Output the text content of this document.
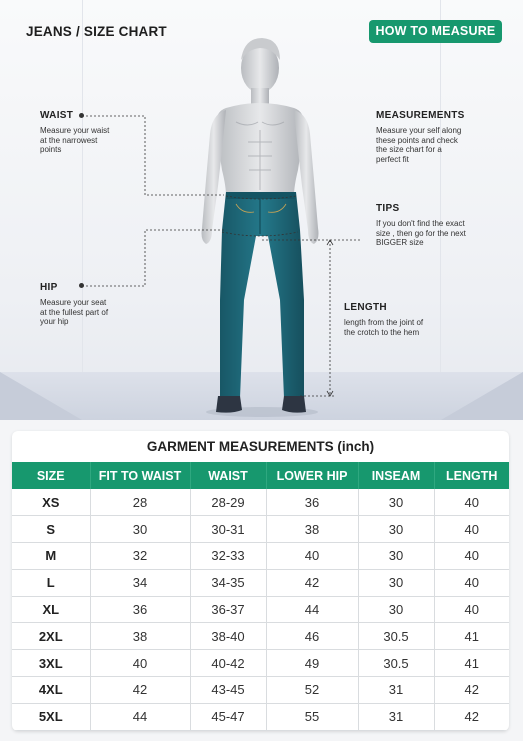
JEANS / SIZE CHART	HOW TO MEASURE
WAIST
Measure your waist
at the narrowest
points
HIP
Measure your seat
at the fullest part of
your hip
MEASUREMENTS
Measure your self along
these points and check
the size chart for a
perfect fit
TIPS
If you don't find the exact
size , then go for the next
BIGGER size
LENGTH
length from the joint of
the crotch to the hem
GARMENT MEASUREMENTS (inch)
SIZE	FIT TO WAIST	WAIST	LOWER HIP	INSEAM	LENGTH
XS	28	28-29	36	30	40
S	30	30-31	38	30	40
M	32	32-33	40	30	40
L	34	34-35	42	30	40
XL	36	36-37	44	30	40
2XL	38	38-40	46	30.5	41
3XL	40	40-42	49	30.5	41
4XL	42	43-45	52	31	42
5XL	44	45-47	55	31	42
